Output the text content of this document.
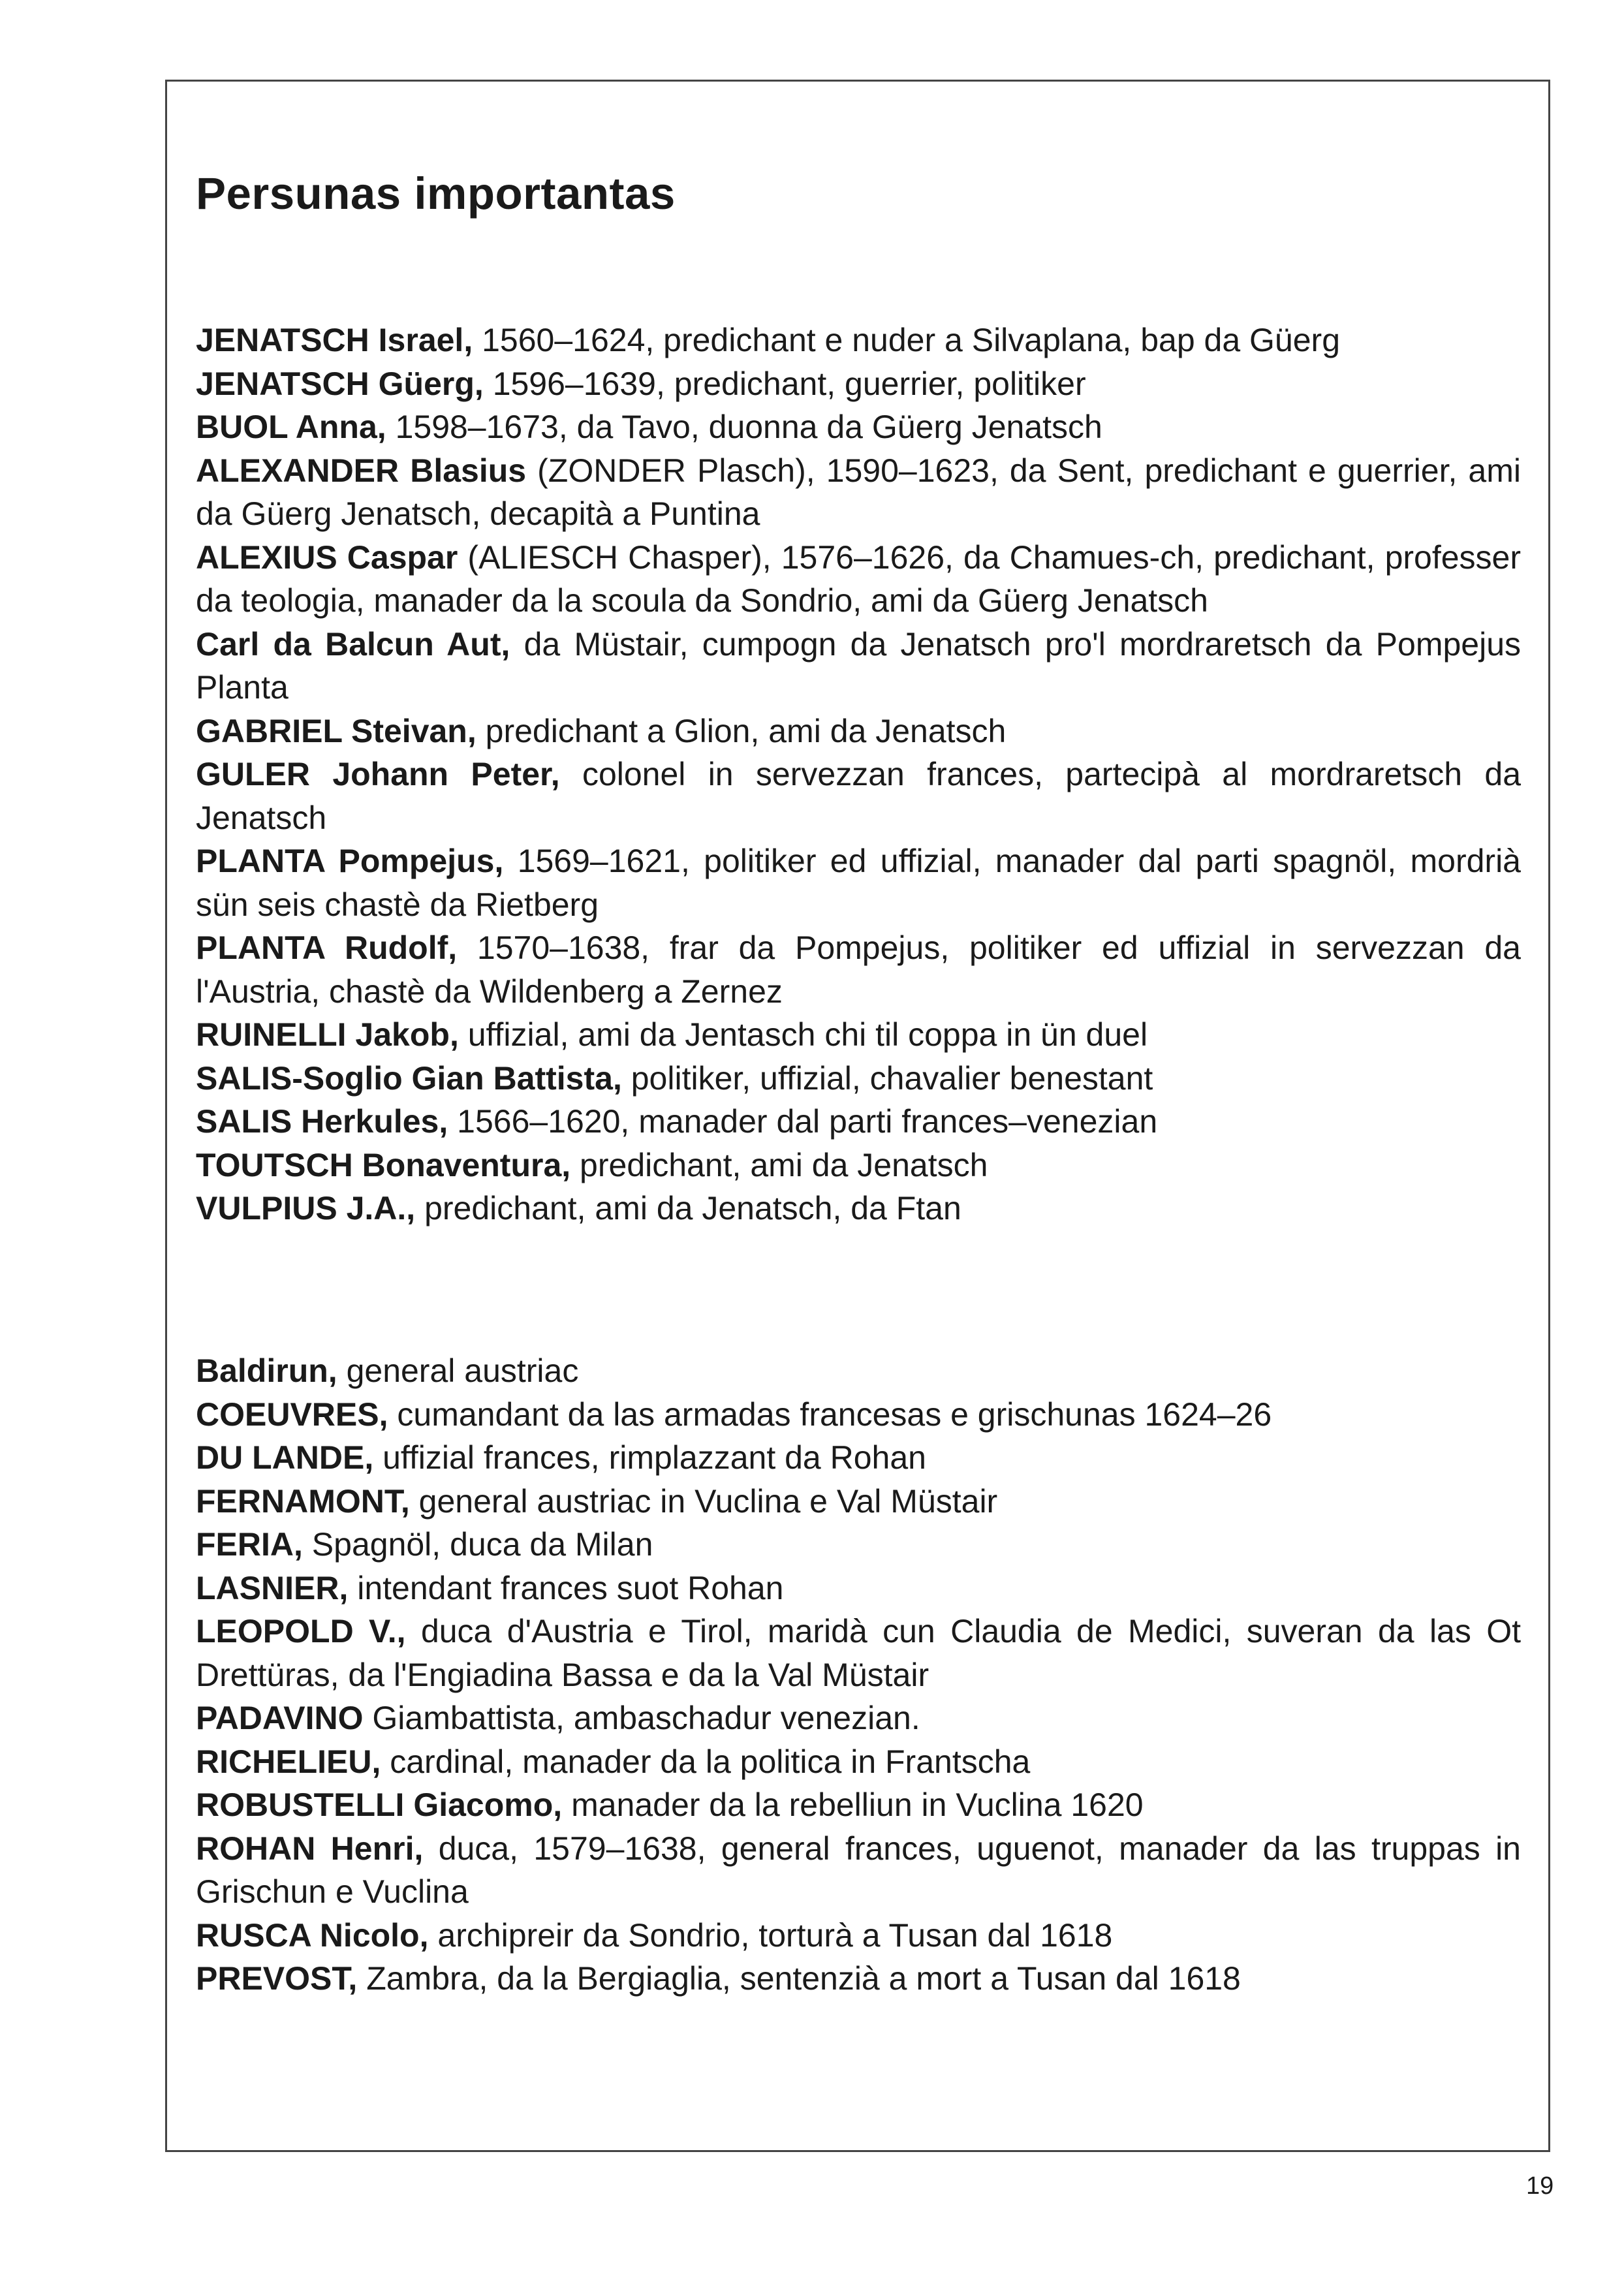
Persunas importantas
JENATSCH Israel, 1560–1624, predichant e nuder a Silvaplana, bap da Güerg
JENATSCH Güerg, 1596–1639, predichant, guerrier, politiker
BUOL Anna, 1598–1673, da Tavo, duonna da Güerg Jenatsch
ALEXANDER Blasius (ZONDER Plasch), 1590–1623, da Sent, predichant e guerrier, ami da Güerg Jenatsch, decapità a Puntina
ALEXIUS Caspar (ALIESCH Chasper), 1576–1626, da Chamues-ch, predichant, professer da teologia, manader da la scoula da Sondrio, ami da Güerg Jenatsch
Carl da Balcun Aut, da Müstair, cumpogn da Jenatsch pro'l mordraretsch da Pompejus Planta
GABRIEL Steivan, predichant a Glion, ami da Jenatsch
GULER Johann Peter, colonel in servezzan frances, partecipà al mordraretsch da Jenatsch
PLANTA Pompejus, 1569–1621, politiker ed uffizial, manader dal parti spagnöl, mordrià sün seis chastè da Rietberg
PLANTA Rudolf, 1570–1638, frar da Pompejus, politiker ed uffizial in servezzan da l'Austria, chastè da Wildenberg a Zernez
RUINELLI Jakob, uffizial, ami da Jentasch chi til coppa in ün duel
SALIS-Soglio Gian Battista, politiker, uffizial, chavalier benestant
SALIS Herkules, 1566–1620, manader dal parti frances–venezian
TOUTSCH Bonaventura, predichant, ami da Jenatsch
VULPIUS J.A., predichant, ami da Jenatsch, da Ftan
Baldirun, general austriac
COEUVRES, cumandant da las armadas francesas e grischunas 1624–26
DU LANDE, uffizial frances, rimplazzant da Rohan
FERNAMONT, general austriac in Vuclina e Val Müstair
FERIA, Spagnöl, duca da Milan
LASNIER, intendant frances suot Rohan
LEOPOLD V., duca d'Austria e Tirol, maridà cun Claudia de Medici, suveran da las Ot Drettüras, da l'Engiadina Bassa e da la Val Müstair
PADAVINO Giambattista, ambaschadur venezian.
RICHELIEU, cardinal, manader da la politica in Frantscha
ROBUSTELLI Giacomo, manader da la rebelliun in Vuclina 1620
ROHAN Henri, duca, 1579–1638, general frances, uguenot, manader da las truppas in Grischun e Vuclina
RUSCA Nicolo, archipreir da Sondrio, torturà a Tusan dal 1618
PREVOST, Zambra, da la Bergiaglia, sentenzià a mort a Tusan dal 1618
19
